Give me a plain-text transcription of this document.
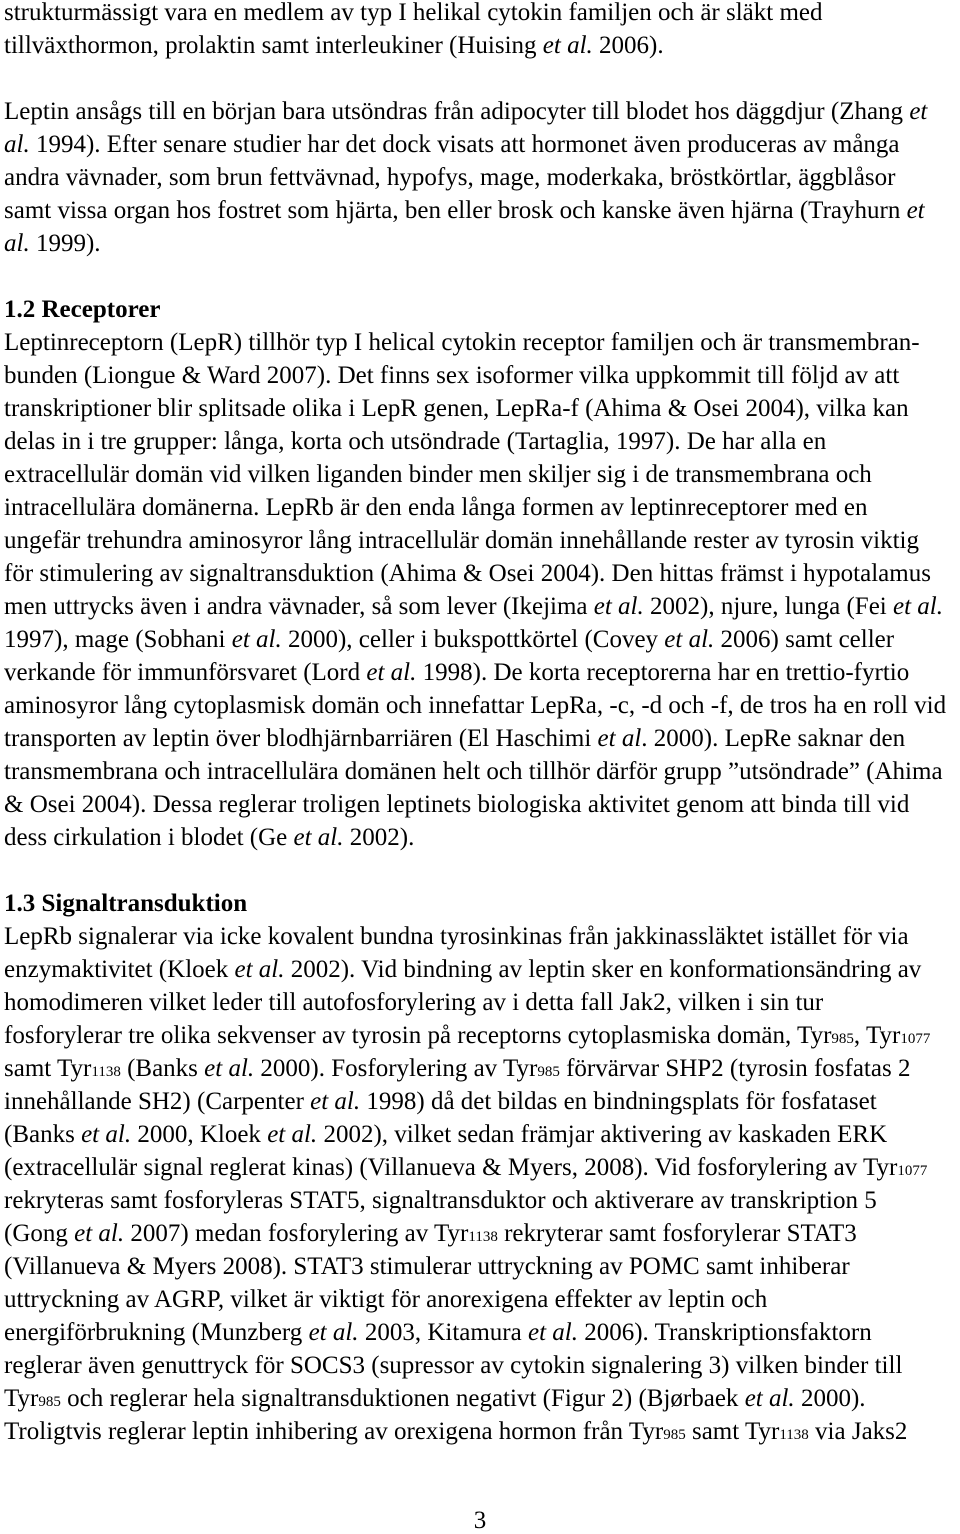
strukturmässigt vara en medlem av typ I helikal cytokin familjen och är släkt med
tillväxthormon, prolaktin samt interleukiner (Huising et al. 2006).
Leptin ansågs till en början bara utsöndras från adipocyter till blodet hos däggdjur (Zhang et
al. 1994). Efter senare studier har det dock visats att hormonet även produceras av många
andra vävnader, som brun fettvävnad, hypofys, mage, moderkaka, bröstkörtlar, äggblåsor
samt vissa organ hos fostret som hjärta, ben eller brosk och kanske även hjärna (Trayhurn et
al. 1999).
1.2 Receptorer
Leptinreceptorn (LepR) tillhör typ I helical cytokin receptor familjen och är transmembran-
bunden (Liongue & Ward 2007). Det finns sex isoformer vilka uppkommit till följd av att
transkriptioner blir splitsade olika i LepR genen, LepRa-f (Ahima & Osei 2004), vilka kan
delas in i tre grupper: långa, korta och utsöndrade (Tartaglia, 1997). De har alla en
extracellulär domän vid vilken liganden binder men skiljer sig i de transmembrana och
intracellulära domänerna. LepRb är den enda långa formen av leptinreceptorer med en
ungefär trehundra aminosyror lång intracellulär domän innehållande rester av tyrosin viktig
för stimulering av signaltransduktion (Ahima & Osei 2004). Den hittas främst i hypotalamus
men uttrycks även i andra vävnader, så som lever (Ikejima et al. 2002), njure, lunga (Fei et al.
1997), mage (Sobhani et al. 2000), celler i bukspottkörtel (Covey et al. 2006) samt celler
verkande för immunförsvaret (Lord et al. 1998). De korta receptorerna har en trettio-fyrtio
aminosyror lång cytoplasmisk domän och innefattar LepRa, -c, -d och -f, de tros ha en roll vid
transporten av leptin över blodhjärnbarriären (El Haschimi et al. 2000). LepRe saknar den
transmembrana och intracellulära domänen helt och tillhör därför grupp ”utsöndrade” (Ahima
& Osei 2004). Dessa reglerar troligen leptinets biologiska aktivitet genom att binda till vid
dess cirkulation i blodet (Ge et al. 2002).
1.3 Signaltransduktion
LepRb signalerar via icke kovalent bundna tyrosinkinas från jakkinassläktet istället för via
enzymaktivitet (Kloek et al. 2002). Vid bindning av leptin sker en konformationsändring av
homodimeren vilket leder till autofosforylering av i detta fall Jak2, vilken i sin tur
fosforylerar tre olika sekvenser av tyrosin på receptorns cytoplasmiska domän, Tyr985, Tyr1077
samt Tyr1138 (Banks et al. 2000). Fosforylering av Tyr985 förvärvar SHP2 (tyrosin fosfatas 2
innehållande SH2) (Carpenter et al. 1998) då det bildas en bindningsplats för fosfataset
(Banks et al. 2000, Kloek et al. 2002), vilket sedan främjar aktivering av kaskaden ERK
(extracellulär signal reglerat kinas) (Villanueva & Myers, 2008). Vid fosforylering av Tyr1077
rekryteras samt fosforyleras STAT5, signaltransduktor och aktiverare av transkription 5
(Gong et al. 2007) medan fosforylering av Tyr1138 rekryterar samt fosforylerar STAT3
(Villanueva & Myers 2008). STAT3 stimulerar uttryckning av POMC samt inhiberar
uttryckning av AGRP, vilket är viktigt för anorexigena effekter av leptin och
energiförbrukning (Munzberg et al. 2003, Kitamura et al. 2006). Transkriptionsfaktorn
reglerar även genuttryck för SOCS3 (supressor av cytokin signalering 3) vilken binder till
Tyr985 och reglerar hela signaltransduktionen negativt (Figur 2) (Bjørbaek et al. 2000).
Troligtvis reglerar leptin inhibering av orexigena hormon från Tyr985 samt Tyr1138 via Jaks2
3
